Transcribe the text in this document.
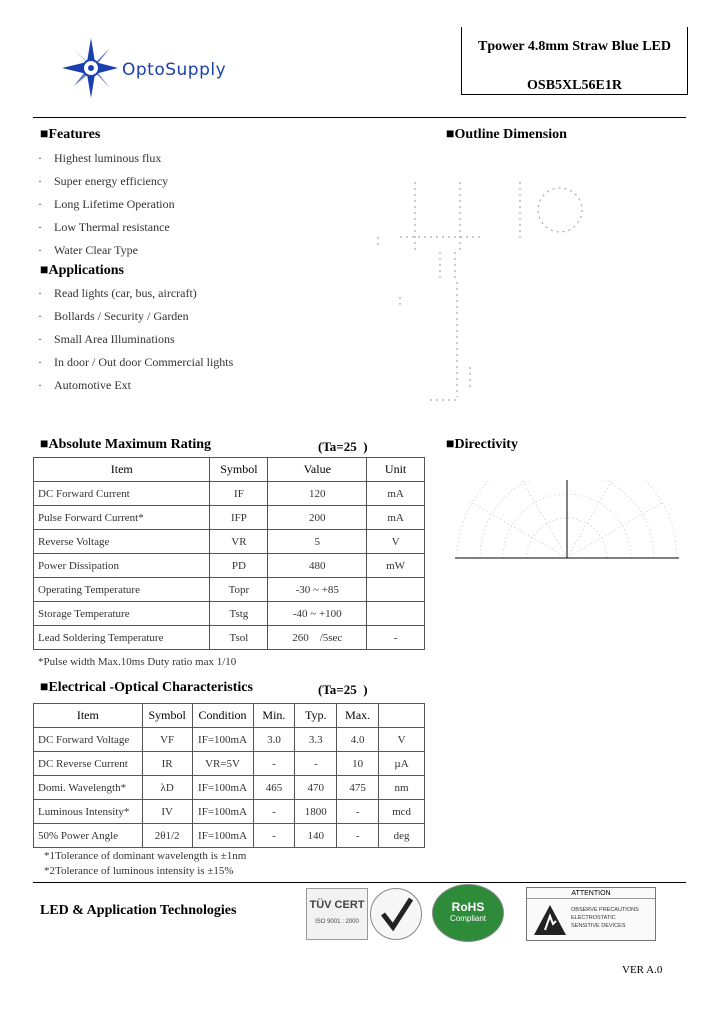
OptoSupply
Tpower 4.8mm Straw Blue LED
OSB5XL56E1R
■Features
· Highest luminous flux
· Super energy efficiency
· Long Lifetime Operation
· Low Thermal resistance
· Water Clear Type
■Applications
· Read lights (car, bus, aircraft)
· Bollards / Security / Garden
· Small Area Illuminations
· In door / Out door Commercial lights
· Automotive Ext
■Outline Dimension
■Directivity
■Absolute Maximum Rating	(Ta=25  )
Item	Symbol	Value	Unit
DC Forward Current	IF	120	mA
Pulse Forward Current*	IFP	200	mA
Reverse Voltage	VR	5	V
Power Dissipation	PD	480	mW
Operating Temperature	Topr	-30 ~ +85	
Storage Temperature	Tstg	-40 ~ +100	
Lead Soldering Temperature	Tsol	260    /5sec	-
*Pulse width Max.10ms Duty ratio max 1/10
■Electrical -Optical Characteristics	(Ta=25  )
Item	Symbol	Condition	Min.	Typ.	Max.	
DC Forward Voltage	VF	IF=100mA	3.0	3.3	4.0	V
DC Reverse Current	IR	VR=5V	-	-	10	µA
Domi. Wavelength*	λD	IF=100mA	465	470	475	nm
Luminous Intensity*	IV	IF=100mA	-	1800	-	mcd
50% Power Angle	2θ1/2	IF=100mA	-	140	-	deg
*1Tolerance of dominant wavelength is ±1nm
*2Tolerance of luminous intensity is ±15%
LED & Application Technologies	TÜV CERT
ISO 9001 : 2000
RoHS
Compliant
ATTENTION
OBSERVE PRECAUTIONS
ELECTROSTATIC
SENSITIVE DEVICES
VER A.0
